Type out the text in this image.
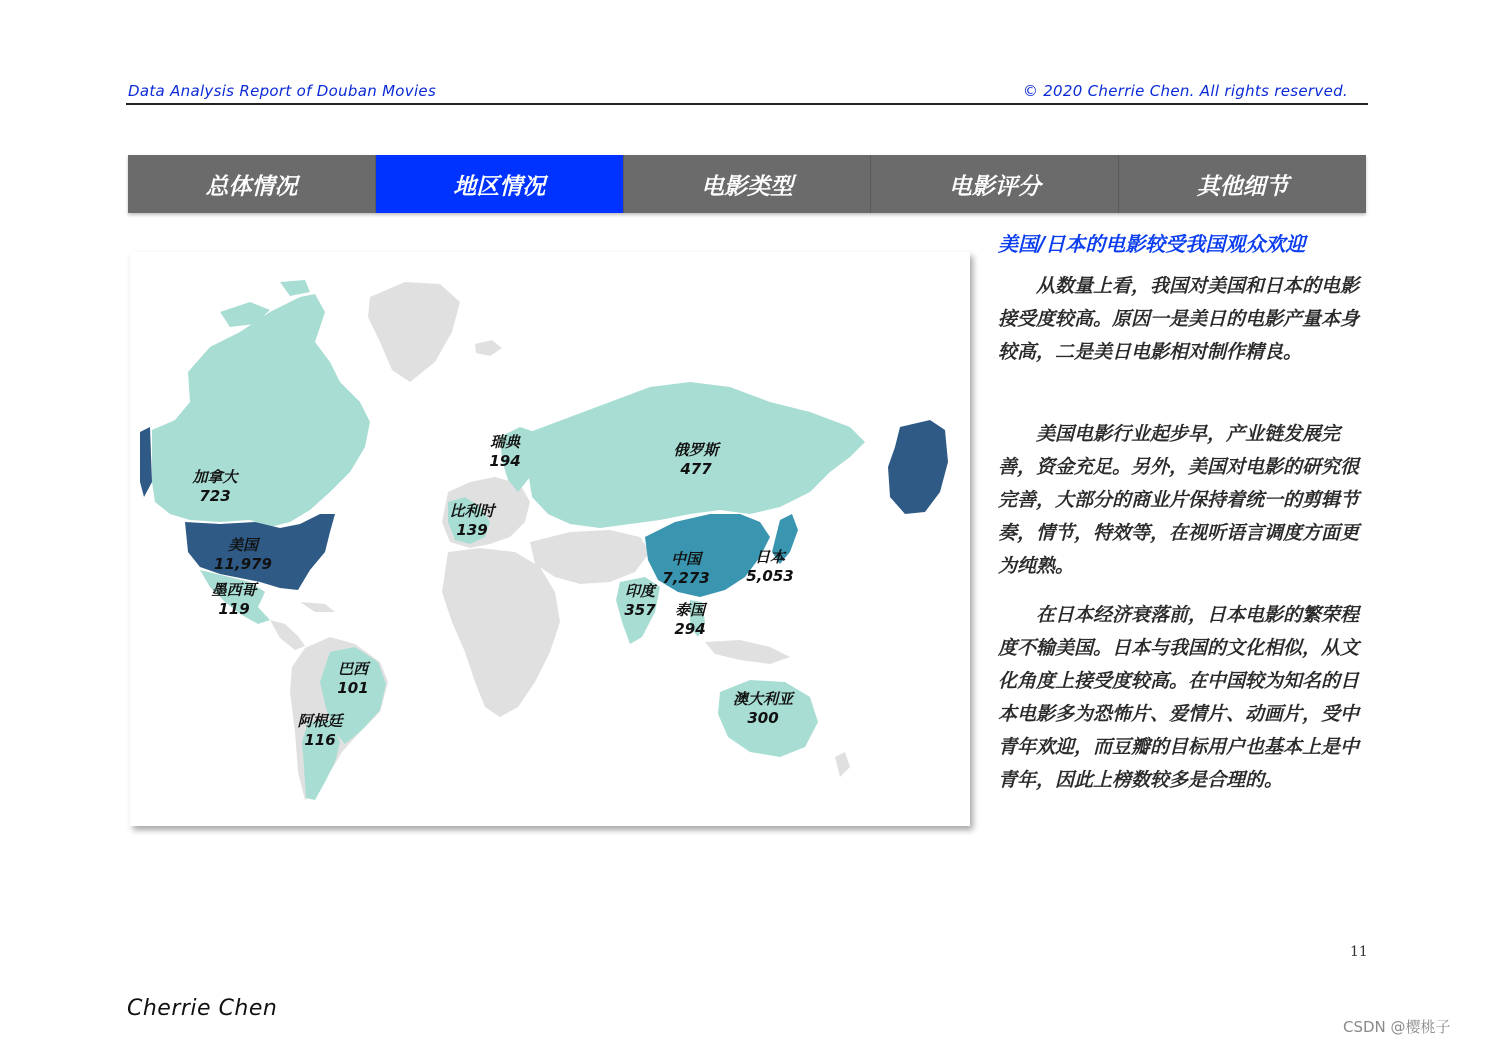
Data Analysis Report of Douban Movies	© 2020 Cherrie Chen. All rights reserved.
总体情况	地区情况	电影类型	电影评分	其他细节
加拿大
723
美国
11,979
墨西哥
119
巴西
101
阿根廷
116
瑞典
194
比利时
139
俄罗斯
477
中国
7,273
日本
5,053
印度
357 泰国
294
澳大利亚
300
美国/日本的电影较受我国观众欢迎

从数量上看，我国对美国和日本的电影接受度较高。原因一是美日的电影产量本身较高，二是美日电影相对制作精良。

美国电影行业起步早，产业链发展完善，资金充足。另外，美国对电影的研究很完善，大部分的商业片保持着统一的剪辑节奏，情节，特效等，在视听语言调度方面更为纯熟。

在日本经济衰落前，日本电影的繁荣程度不输美国。日本与我国的文化相似，从文化角度上接受度较高。在中国较为知名的日本电影多为恐怖片、爱情片、动画片，受中青年欢迎，而豆瓣的目标用户也基本上是中青年，因此上榜数较多是合理的。

11
Cherrie Chen
CSDN @樱桃子
